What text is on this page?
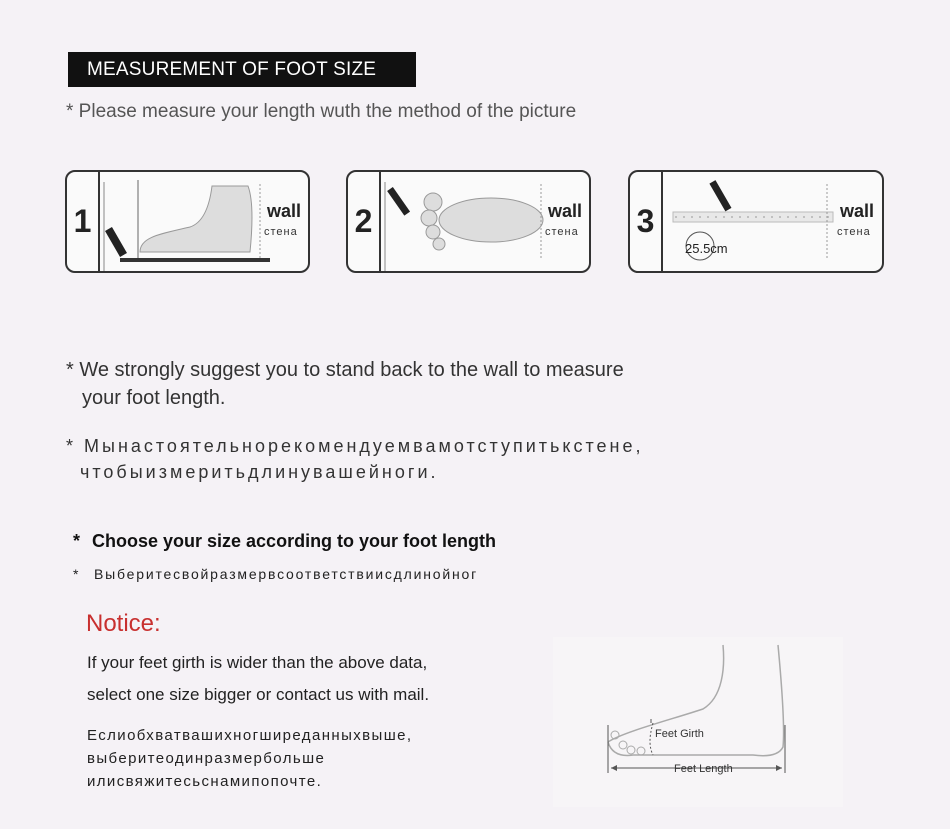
MEASUREMENT OF FOOT SIZE
* Please measure your length wuth the method of the picture
1	wall
стена 2	wall
стена 3
25.5cm
wall
стена
* We strongly suggest you to stand back to the wall to measure
your foot length.
* Мынастоятельнорекомендуемвамотступитькстене,
чтобыизмеритьдлинувашейноги.
* Choose your size according to your foot length
* Выберитесвойразмервсоответствиисдлинойног
Notice:
If your feet girth is wider than the above data,
select one size bigger or contact us with mail.
Еслиобхватвашихногширеданныхвыше,
выберитеодинразмербольше
илисвяжитесьснамипопочте.
Feet Girth
Feet Length
